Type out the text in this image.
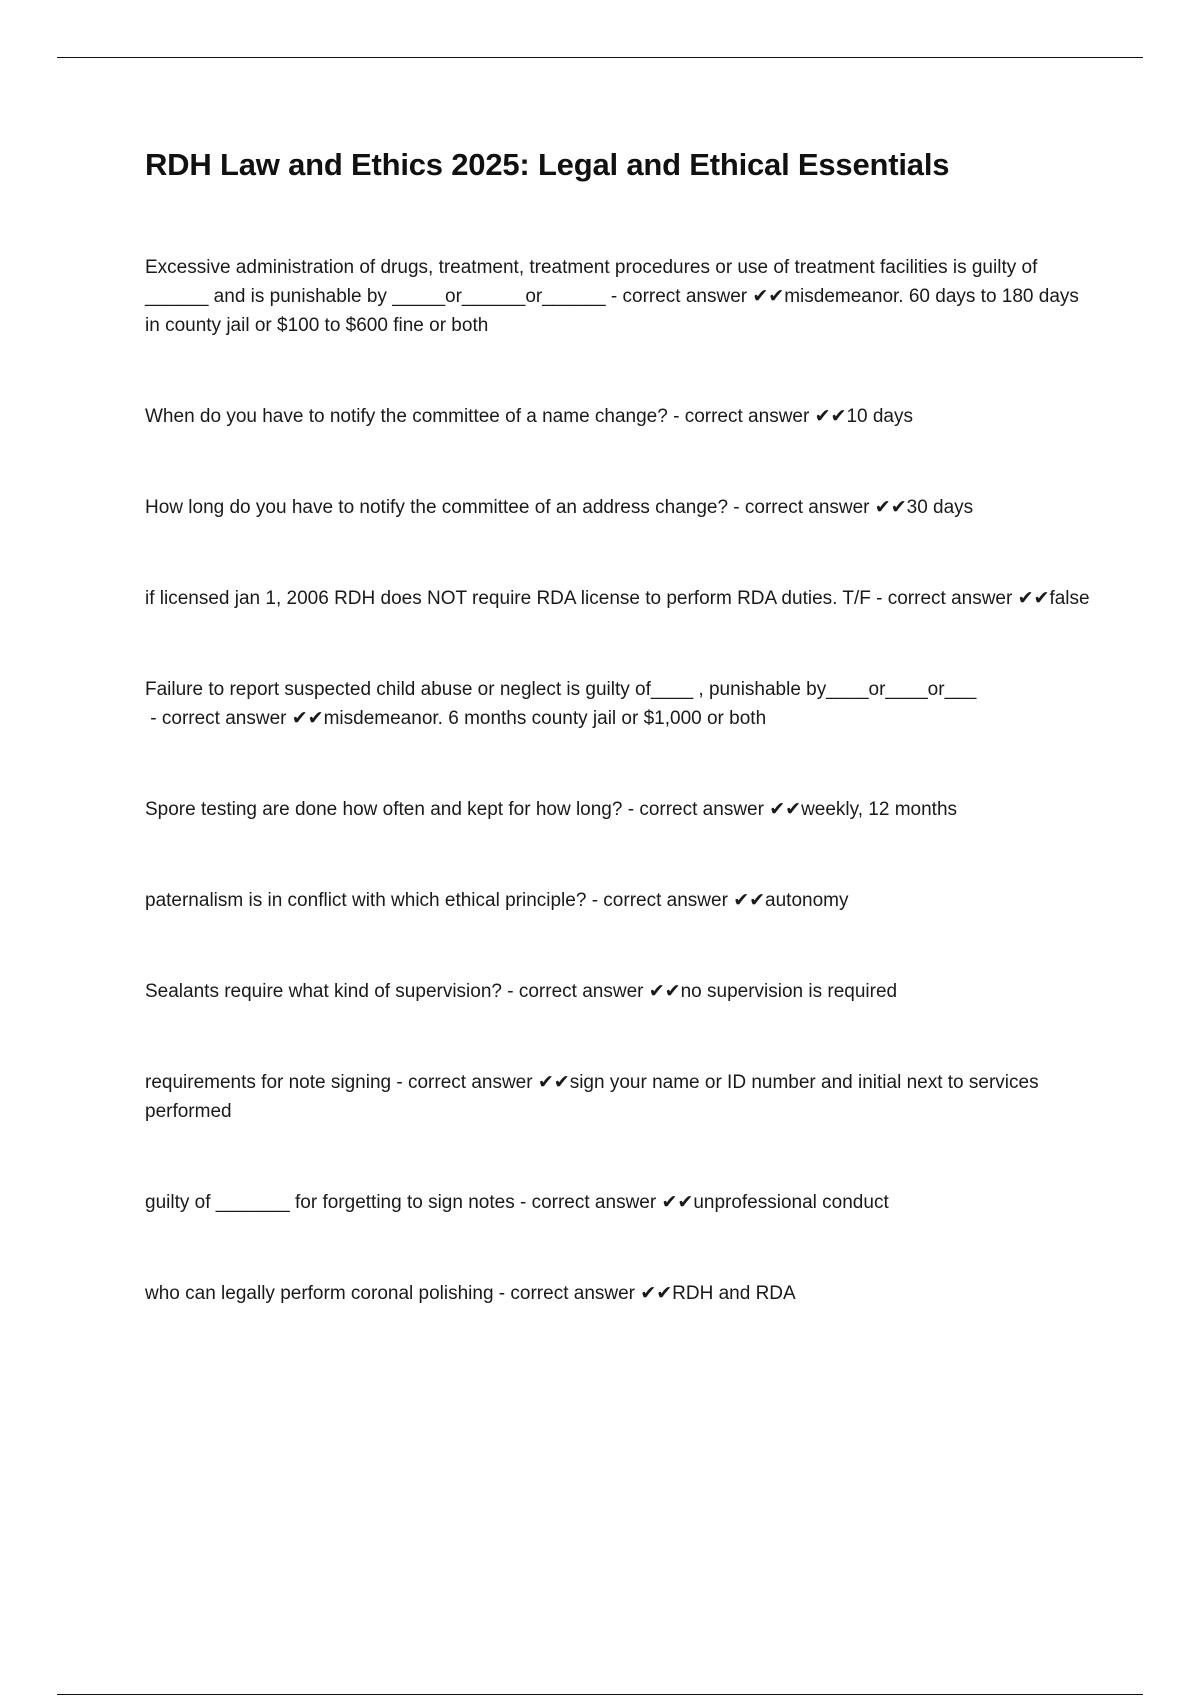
RDH Law and Ethics 2025: Legal and Ethical Essentials
Excessive administration of drugs, treatment, treatment procedures or use of treatment facilities is guilty of ______ and is punishable by _____or______or______ - correct answer ✔✔misdemeanor. 60 days to 180 days in county jail or $100 to $600 fine or both
When do you have to notify the committee of a name change? - correct answer ✔✔10 days
How long do you have to notify the committee of an address change? - correct answer ✔✔30 days
if licensed jan 1, 2006 RDH does NOT require RDA license to perform RDA duties. T/F - correct answer ✔✔false
Failure to report suspected child abuse or neglect is guilty of____ , punishable by____or____or___ - correct answer ✔✔misdemeanor. 6 months county jail or $1,000 or both
Spore testing are done how often and kept for how long? - correct answer ✔✔weekly, 12 months
paternalism is in conflict with which ethical principle? - correct answer ✔✔autonomy
Sealants require what kind of supervision? - correct answer ✔✔no supervision is required
requirements for note signing - correct answer ✔✔sign your name or ID number and initial next to services performed
guilty of _______ for forgetting to sign notes - correct answer ✔✔unprofessional conduct
who can legally perform coronal polishing - correct answer ✔✔RDH and RDA
